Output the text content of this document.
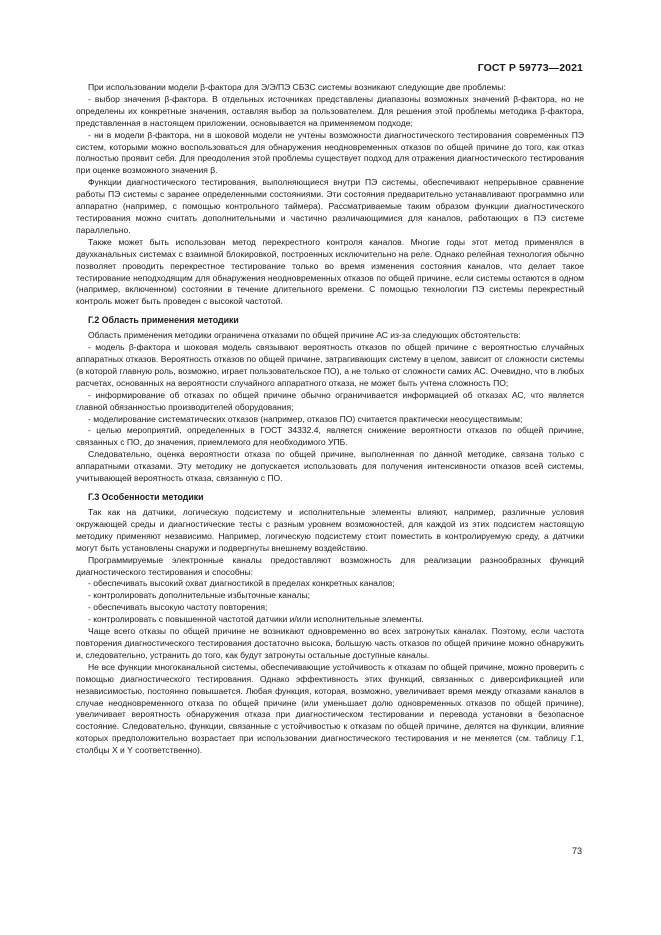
ГОСТ Р 59773—2021

При использовании модели β-фактора для Э/Э/ПЭ СБЗС системы возникают следующие две проблемы:

- выбор значения β-фактора. В отдельных источниках представлены диапазоны возможных значений β-фактора, но не определены их конкретные значения, оставляя выбор за пользователем. Для решения этой проблемы методика β-фактора, представленная в настоящем приложении, основывается на применяемом подходе;

- ни в модели β-фактора, ни в шоковой модели не учтены возможности диагностического тестирования современных ПЭ систем, которыми можно воспользоваться для обнаружения неодновременных отказов по общей причине до того, как отказ полностью проявит себя. Для преодоления этой проблемы существует подход для отражения диагностического тестирования при оценке возможного значения β.

Функции диагностического тестирования, выполняющиеся внутри ПЭ системы, обеспечивают непрерывное сравнение работы ПЭ системы с заранее определенными состояниями. Эти состояния предварительно устанавливают программно или аппаратно (например, с помощью контрольного таймера). Рассматриваемые таким образом функции диагностического тестирования можно считать дополнительными и частично различающимися для каналов, работающих в ПЭ системе параллельно.

Также может быть использован метод перекрестного контроля каналов. Многие годы этот метод применялся в двухканальных системах с взаимной блокировкой, построенных исключительно на реле. Однако релейная технология обычно позволяет проводить перекрестное тестирование только во время изменения состояния каналов, что делает такое тестирование неподходящим для обнаружения неодновременных отказов по общей причине, если системы остаются в одном (например, включенном) состоянии в течение длительного времени. С помощью технологии ПЭ системы перекрестный контроль может быть проведен с высокой частотой.

Г.2 Область применения методики

Область применения методики ограничена отказами по общей причине АС из-за следующих обстоятельств:

- модель β-фактора и шоковая модель связывают вероятность отказов по общей причине с вероятностью случайных аппаратных отказов. Вероятность отказов по общей причине, затрагивающих систему в целом, зависит от сложности системы (в которой главную роль, возможно, играет пользовательское ПО), а не только от сложности самих АС. Очевидно, что в любых расчетах, основанных на вероятности случайного аппаратного отказа, не может быть учтена сложность ПО;

- информирование об отказах по общей причине обычно ограничивается информацией об отказах АС, что является главной обязанностью производителей оборудования;

- моделирование систематических отказов (например, отказов ПО) считается практически неосуществимым;

- целью мероприятий, определенных в ГОСТ 34332.4, является снижение вероятности отказов по общей причине, связанных с ПО, до значения, приемлемого для необходимого УПБ.

Следовательно, оценка вероятности отказа по общей причине, выполненная по данной методике, связана только с аппаратными отказами. Эту методику не допускается использовать для получения интенсивности отказов всей системы, учитывающей вероятность отказа, связанную с ПО.

Г.3 Особенности методики

Так как на датчики, логическую подсистему и исполнительные элементы влияют, например, различные условия окружающей среды и диагностические тесты с разным уровнем возможностей, для каждой из этих подсистем настоящую методику применяют независимо. Например, логическую подсистему стоит поместить в контролируемую среду, а датчики могут быть установлены снаружи и подвергнуты внешнему воздействию.

Программируемые электронные каналы предоставляют возможность для реализации разнообразных функций диагностического тестирования и способны:

- обеспечивать высокий охват диагностикой в пределах конкретных каналов;

- контролировать дополнительные избыточные каналы;

- обеспечивать высокую частоту повторения;

- контролировать с повышенной частотой датчики и/или исполнительные элементы.

Чаще всего отказы по общей причине не возникают одновременно во всех затронутых каналах. Поэтому, если частота повторения диагностического тестирования достаточно высока, большую часть отказов по общей причине можно обнаружить и, следовательно, устранить до того, как будут затронуты остальные доступные каналы.

Не все функции многоканальной системы, обеспечивающие устойчивость к отказам по общей причине, можно проверить с помощью диагностического тестирования. Однако эффективность этих функций, связанных с диверсификацией или независимостью, постоянно повышается. Любая функция, которая, возможно, увеличивает время между отказами каналов в случае неодновременного отказа по общей причине (или уменьшает долю одновременных отказов по общей причине), увеличивает вероятность обнаружения отказа при диагностическом тестировании и перевода установки в безопасное состояние. Следовательно, функции, связанные с устойчивостью к отказам по общей причине, делятся на функции, влияние которых предположительно возрастает при использовании диагностического тестирования и не меняется (см. таблицу Г.1, столбцы X и Y соответственно).

73
